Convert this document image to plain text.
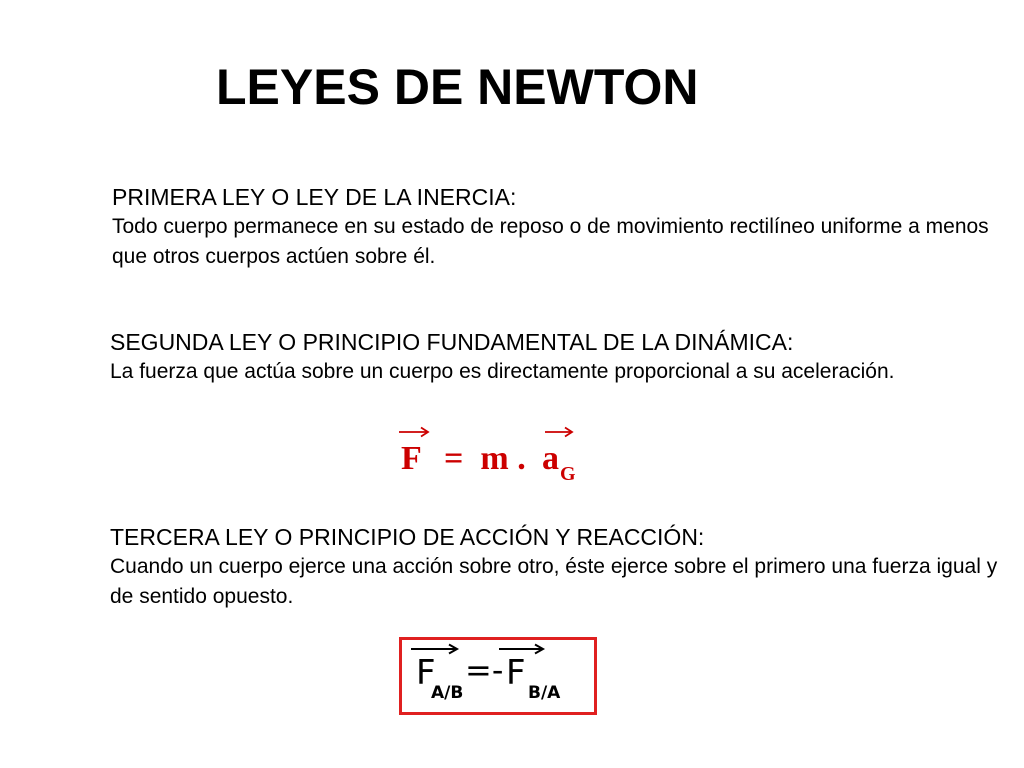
LEYES DE NEWTON
PRIMERA LEY O LEY DE LA INERCIA:
Todo cuerpo permanece en su estado de reposo o de movimiento rectilíneo uniforme a menos que otros cuerpos actúen sobre él.
SEGUNDA LEY O PRINCIPIO FUNDAMENTAL DE LA DINÁMICA:
La fuerza que actúa sobre un cuerpo es directamente proporcional a su aceleración.
F =  m . a G
TERCERA LEY O PRINCIPIO DE ACCIÓN Y REACCIÓN:
Cuando un cuerpo ejerce una acción sobre otro, éste ejerce sobre el primero una fuerza igual y de sentido opuesto.
F
A/B
=- F B/A
